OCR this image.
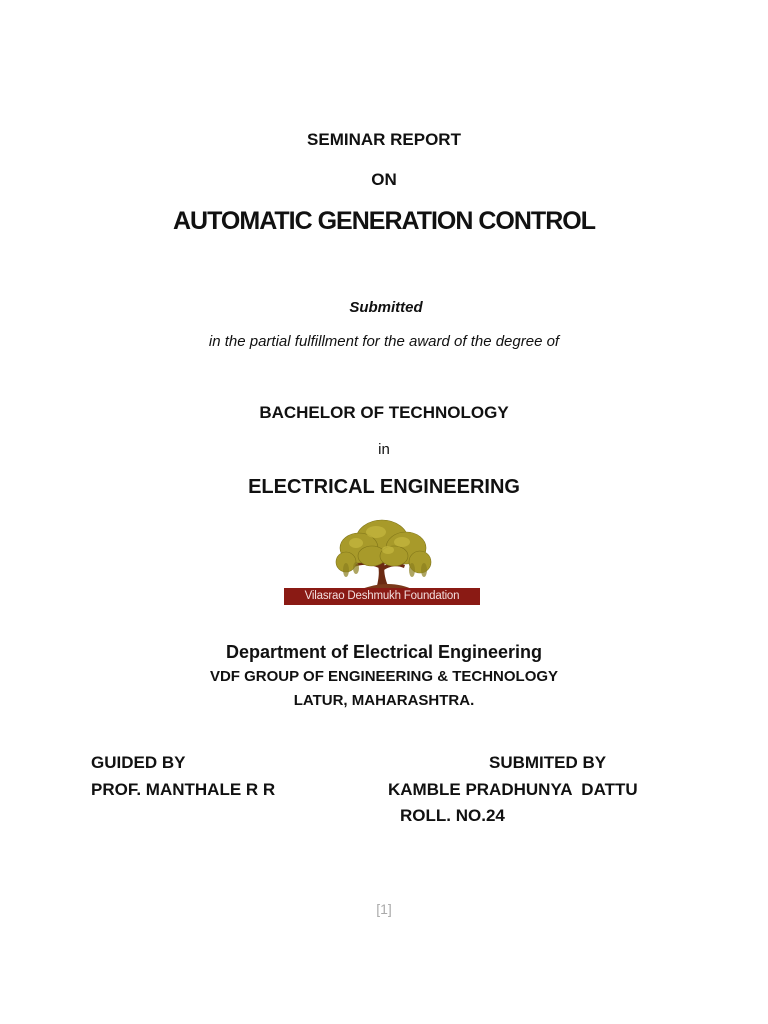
SEMINAR REPORT

ON

AUTOMATIC GENERATION CONTROL

Submitted

in the partial fulfillment for the award of the degree of

BACHELOR OF TECHNOLOGY

in

ELECTRICAL ENGINEERING

Vilasrao Deshmukh Foundation

Department of Electrical Engineering

VDF GROUP OF ENGINEERING & TECHNOLOGY

LATUR, MAHARASHTRA.

GUIDED BY

PROF. MANTHALE R R

SUBMITED BY

KAMBLE PRADHUNYA  DATTU

ROLL. NO.24

[1]
